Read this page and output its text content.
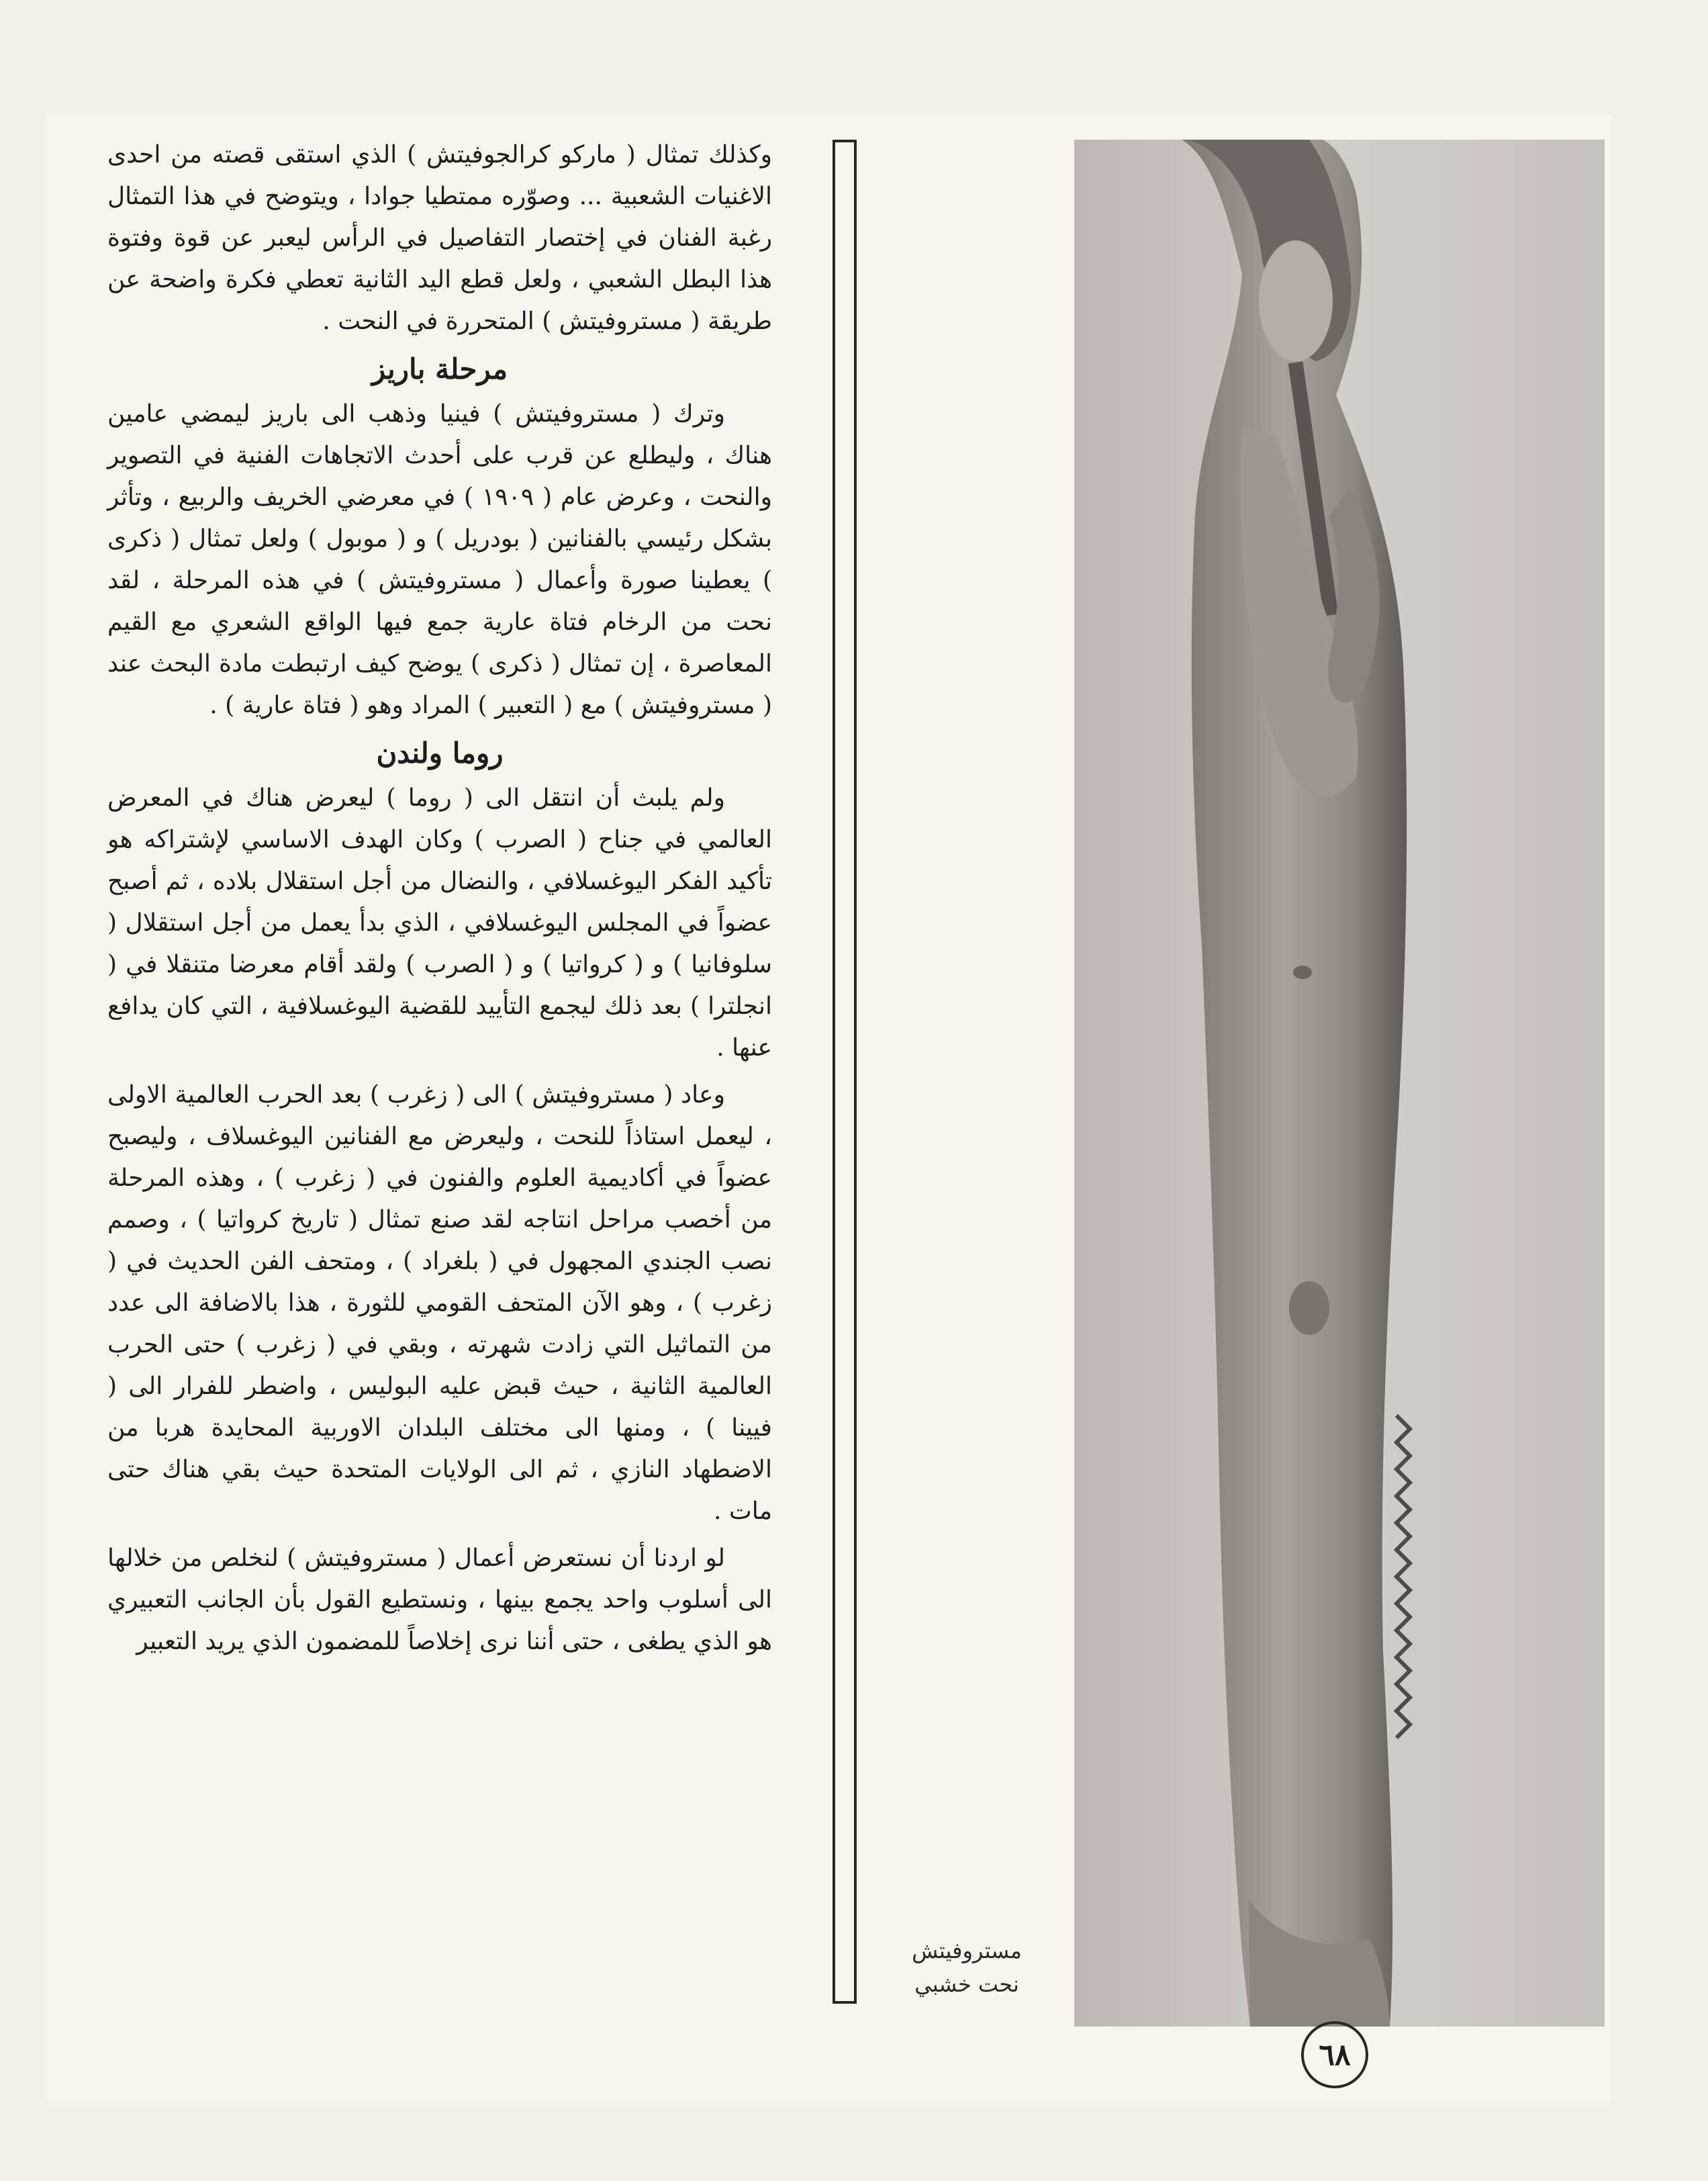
وكذلك تمثال ( ماركو كرالجوفيتش ) الذي استقى قصته من احدى الاغنيات الشعبية ... وصوّره ممتطيا جوادا ، ويتوضح في هذا التمثال رغبة الفنان في إختصار التفاصيل في الرأس ليعبر عن قوة وفتوة هذا البطل الشعبي ، ولعل قطع اليد الثانية تعطي فكرة واضحة عن طريقة ( مستروفيتش ) المتحررة في النحت .

مرحلة باريز

وترك ( مستروفيتش ) فينيا وذهب الى باريز ليمضي عامين هناك ، وليطلع عن قرب على أحدث الاتجاهات الفنية في التصوير والنحت ، وعرض عام ( ١٩٠٩ ) في معرضي الخريف والربيع ، وتأثر بشكل رئيسي بالفنانين ( بودريل ) و ( موبول ) ولعل تمثال ( ذكرى ) يعطينا صورة وأعمال ( مستروفيتش ) في هذه المرحلة ، لقد نحت من الرخام فتاة عارية جمع فيها الواقع الشعري مع القيم المعاصرة ، إن تمثال ( ذكرى ) يوضح كيف ارتبطت مادة البحث عند ( مستروفيتش ) مع ( التعبير ) المراد وهو ( فتاة عارية ) .

روما ولندن

ولم يلبث أن انتقل الى ( روما ) ليعرض هناك في المعرض العالمي في جناح ( الصرب ) وكان الهدف الاساسي لإشتراكه هو تأكيد الفكر اليوغسلافي ، والنضال من أجل استقلال بلاده ، ثم أصبح عضواً في المجلس اليوغسلافي ، الذي بدأ يعمل من أجل استقلال ( سلوفانيا ) و ( كرواتيا ) و ( الصرب ) ولقد أقام معرضا متنقلا في ( انجلترا ) بعد ذلك ليجمع التأييد للقضية اليوغسلافية ، التي كان يدافع عنها .

وعاد ( مستروفيتش ) الى ( زغرب ) بعد الحرب العالمية الاولى ، ليعمل استاذاً للنحت ، وليعرض مع الفنانين اليوغسلاف ، وليصبح عضواً في أكاديمية العلوم والفنون في ( زغرب ) ، وهذه المرحلة من أخصب مراحل انتاجه لقد صنع تمثال ( تاريخ كرواتيا ) ، وصمم نصب الجندي المجهول في ( بلغراد ) ، ومتحف الفن الحديث في ( زغرب ) ، وهو الآن المتحف القومي للثورة ، هذا بالاضافة الى عدد من التماثيل التي زادت شهرته ، وبقي في ( زغرب ) حتى الحرب العالمية الثانية ، حيث قبض عليه البوليس ، واضطر للفرار الى ( فيينا ) ، ومنها الى مختلف البلدان الاوربية المحايدة هربا من الاضطهاد النازي ، ثم الى الولايات المتحدة حيث بقي هناك حتى مات .

لو اردنا أن نستعرض أعمال ( مستروفيتش ) لنخلص من خلالها الى أسلوب واحد يجمع بينها ، ونستطيع القول بأن الجانب التعبيري هو الذي يطغى ، حتى أننا نرى إخلاصاً للمضمون الذي يريد التعبير

مستروفيتش
نحت خشبي
٦٨
